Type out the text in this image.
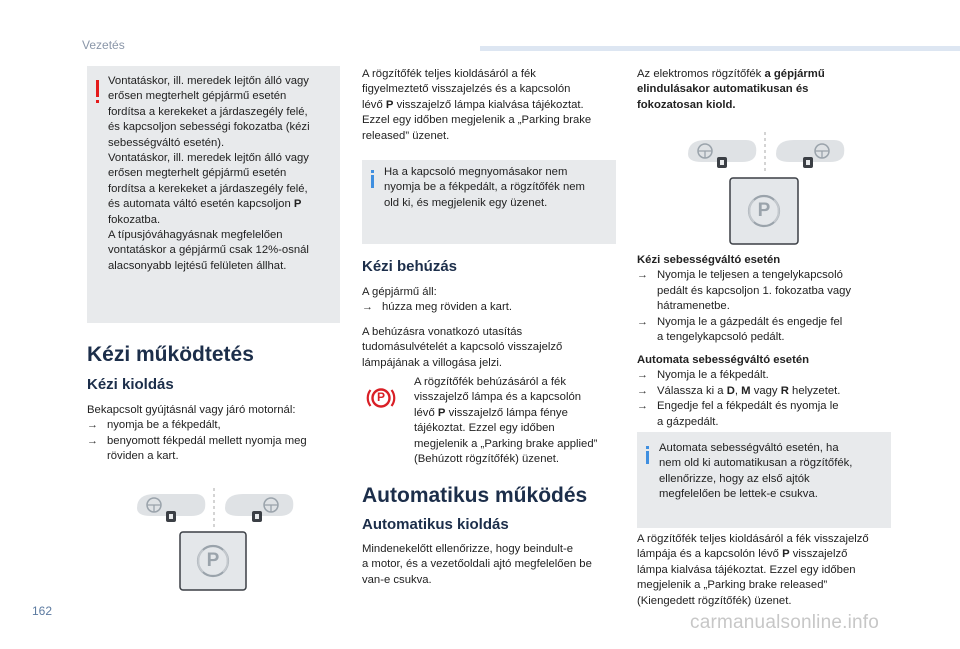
Vezetés

Vontatáskor, ill. meredek lejtőn álló vagy

erősen megterhelt gépjármű esetén

fordítsa a kerekeket a járdaszegély felé,

és kapcsoljon sebességi fokozatba (kézi

sebességváltó esetén).

Vontatáskor, ill. meredek lejtőn álló vagy

erősen megterhelt gépjármű esetén

fordítsa a kerekeket a járdaszegély felé,

és automata váltó esetén kapcsoljon P

fokozatba.

A típusjóváhagyásnak megfelelően

vontatáskor a gépjármű csak 12%-osnál

alacsonyabb lejtésű felületen állhat.

Kézi működtetés
Kézi kioldás

Bekapcsolt gyújtásnál vagy járó motornál:

→ nyomja be a fékpedált,
→ benyomott fékpedál mellett nyomja meg
röviden a kart.
P

A rögzítőfék teljes kioldásáról a fék

figyelmeztető visszajelzés és a kapcsolón

lévő P visszajelző lámpa kialvása tájékoztat.

Ezzel egy időben megjelenik a „Parking brake

released” üzenet.

Ha a kapcsoló megnyomásakor nem

nyomja be a fékpedált, a rögzítőfék nem

old ki, és megjelenik egy üzenet.

Kézi behúzás

A gépjármű áll:

→ húzza meg röviden a kart.

A behúzásra vonatkozó utasítás

tudomásulvételét a kapcsoló visszajelző

lámpájának a villogása jelzi.

P

A rögzítőfék behúzásáról a fék

visszajelző lámpa és a kapcsolón

lévő P visszajelző lámpa fénye

tájékoztat. Ezzel egy időben

megjelenik a „Parking brake applied”

(Behúzott rögzítőfék) üzenet.

Automatikus működés
Automatikus kioldás

Mindenekelőtt ellenőrizze, hogy beindult-e

a motor, és a vezetőoldali ajtó megfelelően be

van-e csukva.

Az elektromos rögzítőfék a gépjármű

elindulásakor automatikusan és

fokozatosan kiold.

P

Kézi sebességváltó esetén

→ Nyomja le teljesen a tengelykapcsoló
pedált és kapcsoljon 1. fokozatba vagy
hátramenetbe.
→ Nyomja le a gázpedált és engedje fel
a tengelykapcsoló pedált.

Automata sebességváltó esetén

→ Nyomja le a fékpedált.
→ Válassza ki a D, M vagy R helyzetet.
→ Engedje fel a fékpedált és nyomja le
a gázpedált.

Automata sebességváltó esetén, ha

nem old ki automatikusan a rögzítőfék,

ellenőrizze, hogy az első ajtók

megfelelően be lettek-e csukva.

A rögzítőfék teljes kioldásáról a fék visszajelző

lámpája és a kapcsolón lévő P visszajelző

lámpa kialvása tájékoztat. Ezzel egy időben

megjelenik a „Parking brake released”

(Kiengedett rögzítőfék) üzenet.

162
carmanualsonline.info
